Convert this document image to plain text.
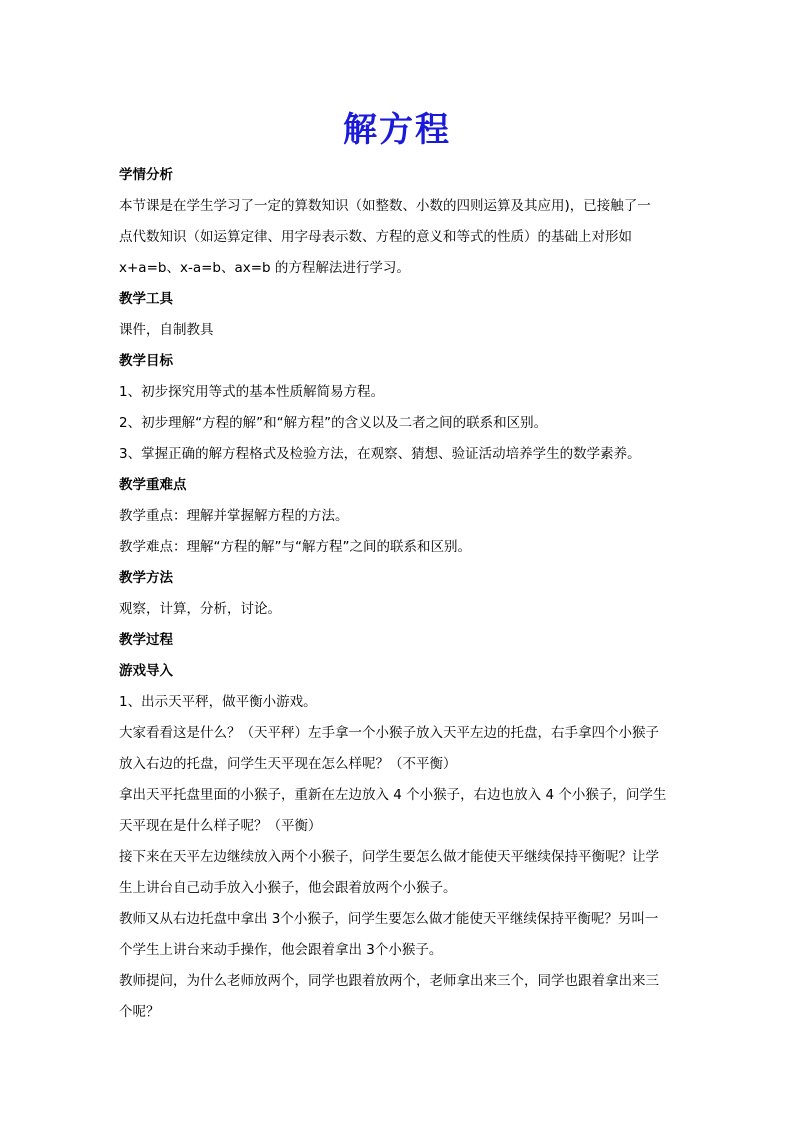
解方程

学情分析

本节课是在学生学习了一定的算数知识（如整数、小数的四则运算及其应用)，已接触了一

点代数知识（如运算定律、用字母表示数、方程的意义和等式的性质）的基础上对形如

x+a=b、x-a=b、ax=b 的方程解法进行学习。

教学工具

课件，自制教具

教学目标

1、初步探究用等式的基本性质解简易方程。

2、初步理解“方程的解”和“解方程”的含义以及二者之间的联系和区别。

3、掌握正确的解方程格式及检验方法，在观察、猜想、验证活动培养学生的数学素养。

教学重难点

教学重点：理解并掌握解方程的方法。

教学难点：理解“方程的解”与“解方程”之间的联系和区别。

教学方法

观察，计算，分析，讨论。

教学过程

游戏导入

1、出示天平秤，做平衡小游戏。

大家看看这是什么？（天平秤）左手拿一个小猴子放入天平左边的托盘，右手拿四个小猴子

放入右边的托盘，问学生天平现在怎么样呢？（不平衡）

拿出天平托盘里面的小猴子，重新在左边放入 4 个小猴子，右边也放入 4 个小猴子，问学生

天平现在是什么样子呢？（平衡）

接下来在天平左边继续放入两个小猴子，问学生要怎么做才能使天平继续保持平衡呢？让学

生上讲台自己动手放入小猴子，他会跟着放两个小猴子。

教师又从右边托盘中拿出 3个小猴子，问学生要怎么做才能使天平继续保持平衡呢？另叫一

个学生上讲台来动手操作，他会跟着拿出 3个小猴子。

教师提问，为什么老师放两个，同学也跟着放两个，老师拿出来三个，同学也跟着拿出来三

个呢？
